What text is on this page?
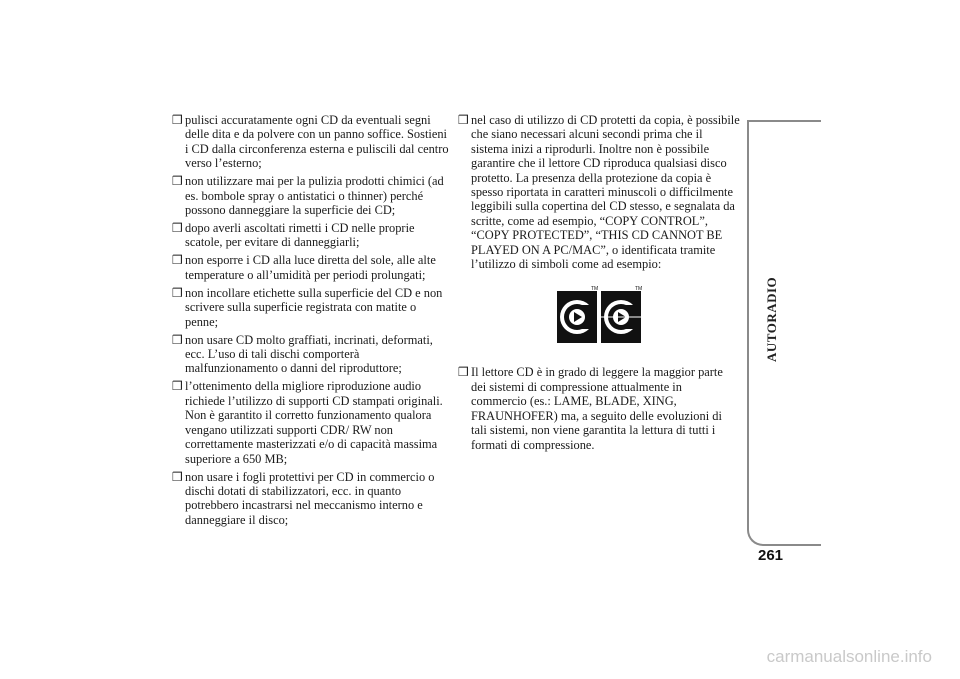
❒ pulisci accuratamente ogni CD da eventuali segni delle dita e da polvere con un panno soffice. Sostieni i CD dalla circonferenza esterna e puliscili dal centro verso l’esterno;
❒ non utilizzare mai per la pulizia prodotti chimici (ad es. bombole spray o antistatici o thinner) perché possono danneggiare la superficie dei CD;
❒ dopo averli ascoltati rimetti i CD nelle proprie scatole, per evitare di danneggiarli;
❒ non esporre i CD alla luce diretta del sole, alle alte temperature o all’umidità per periodi prolungati;
❒ non incollare etichette sulla superficie del CD e non scrivere sulla superficie registrata con matite o penne;
❒ non usare CD molto graffiati, incrinati, deformati, ecc. L’uso di tali dischi comporterà malfunzionamento o danni del riproduttore;
❒ l’ottenimento della migliore riproduzione audio richiede l’utilizzo di supporti CD stampati originali. Non è garantito il corretto funzionamento qualora vengano utilizzati supporti CDR/ RW non correttamente masterizzati e/o di capacità massima superiore a 650 MB;
❒ non usare i fogli protettivi per CD in commercio o dischi dotati di stabilizzatori, ecc. in quanto potrebbero incastrarsi nel meccanismo interno e danneggiare il disco;
❒ nel caso di utilizzo di CD protetti da copia, è possibile che siano necessari alcuni secondi prima che il sistema inizi a riprodurli. Inoltre non è possibile garantire che il lettore CD riproduca qualsiasi disco protetto. La presenza della protezione da copia è spesso riportata in caratteri minuscoli o difficilmente leggibili sulla copertina del CD stesso, e segnalata da scritte, come ad esempio, “COPY CONTROL”, “COPY PROTECTED”, “THIS CD CANNOT BE PLAYED ON A PC/MAC”, o identificata tramite l’utilizzo di simboli come ad esempio:
TM	TM
❒ Il lettore CD è in grado di leggere la maggior parte dei sistemi di compressione attualmente in commercio (es.: LAME, BLADE, XING, FRAUNHOFER) ma, a seguito delle evoluzioni di tali sistemi, non viene garantita la lettura di tutti i formati di compressione.
AUTORADIO
261
carmanualsonline.info
